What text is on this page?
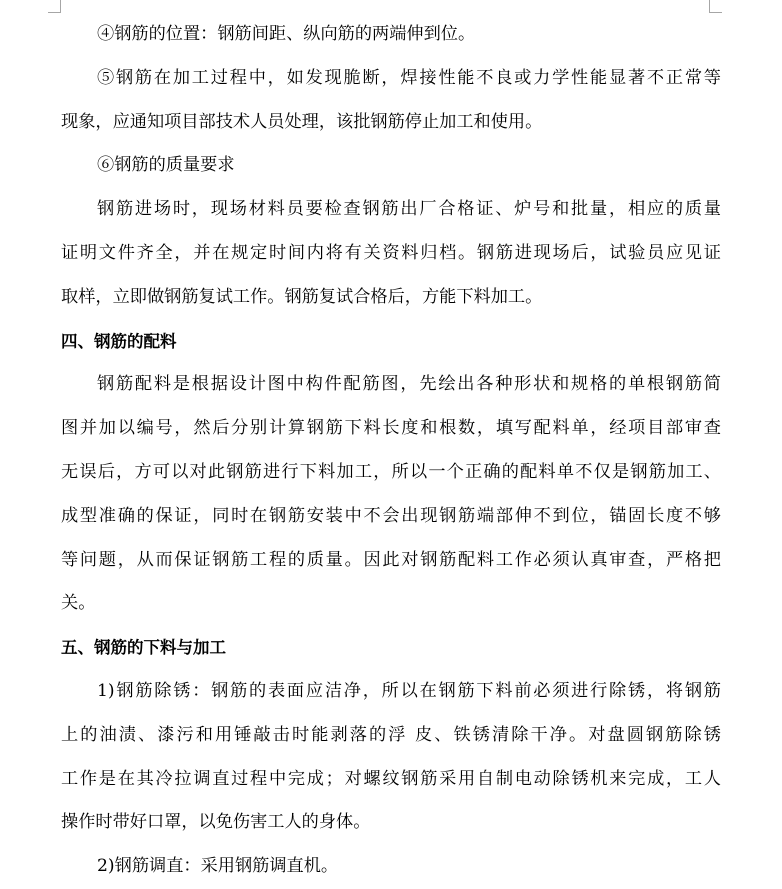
④钢筋的位置：钢筋间距、纵向筋的两端伸到位。
⑤钢筋在加工过程中，如发现脆断，焊接性能不良或力学性能显著不正常等
现象，应通知项目部技术人员处理，该批钢筋停止加工和使用。
⑥钢筋的质量要求
钢筋进场时，现场材料员要检查钢筋出厂合格证、炉号和批量，相应的质量
证明文件齐全，并在规定时间内将有关资料归档。钢筋进现场后，试验员应见证
取样，立即做钢筋复试工作。钢筋复试合格后，方能下料加工。
四、钢筋的配料
钢筋配料是根据设计图中构件配筋图，先绘出各种形状和规格的单根钢筋简
图并加以编号，然后分别计算钢筋下料长度和根数，填写配料单，经项目部审查
无误后，方可以对此钢筋进行下料加工，所以一个正确的配料单不仅是钢筋加工、
成型准确的保证，同时在钢筋安装中不会出现钢筋端部伸不到位，锚固长度不够
等问题，从而保证钢筋工程的质量。因此对钢筋配料工作必须认真审查，严格把
关。
五、钢筋的下料与加工
1)钢筋除锈：钢筋的表面应洁净，所以在钢筋下料前必须进行除锈，将钢筋
上的油渍、漆污和用锤敲击时能剥落的浮 皮、铁锈清除干净。对盘圆钢筋除锈
工作是在其冷拉调直过程中完成；对螺纹钢筋采用自制电动除锈机来完成，工人
操作时带好口罩，以免伤害工人的身体。
2)钢筋调直：采用钢筋调直机。
